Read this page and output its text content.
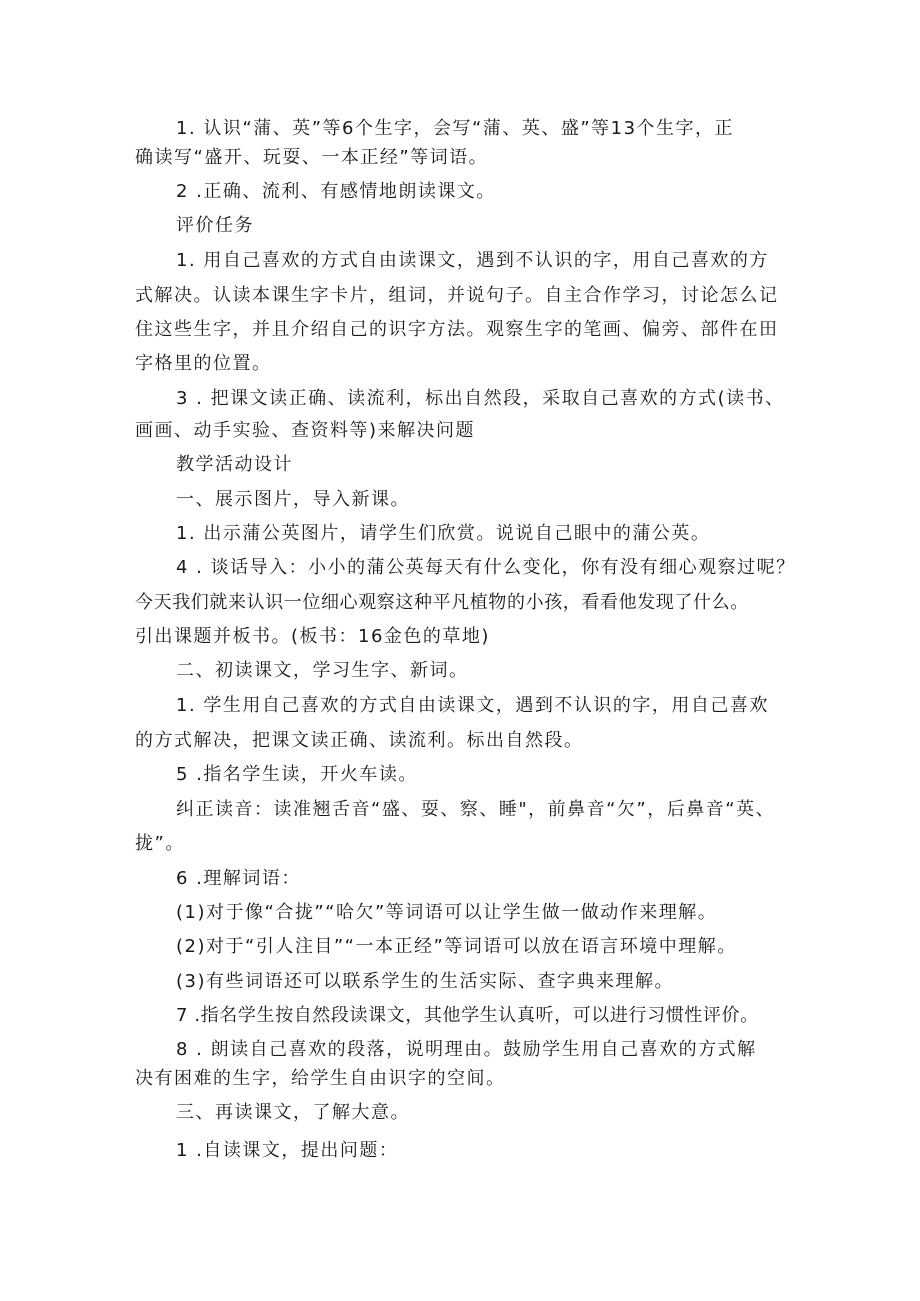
1. 认识“蒲、英”等6个生字，会写“蒲、英、盛”等13个生字，正
确读写“盛开、玩耍、一本正经”等词语。
2 .正确、流利、有感情地朗读课文。
评价任务
1. 用自己喜欢的方式自由读课文，遇到不认识的字，用自己喜欢的方
式解决。认读本课生字卡片，组词，并说句子。自主合作学习，讨论怎么记
住这些生字，并且介绍自己的识字方法。观察生字的笔画、偏旁、部件在田
字格里的位置。
3 . 把课文读正确、读流利，标出自然段，采取自己喜欢的方式(读书、
画画、动手实验、查资料等)来解决问题
教学活动设计
一、展示图片，导入新课。
1. 出示蒲公英图片，请学生们欣赏。说说自己眼中的蒲公英。
4 . 谈话导入：小小的蒲公英每天有什么变化，你有没有细心观察过呢？
今天我们就来认识一位细心观察这种平凡植物的小孩，看看他发现了什么。
引出课题并板书。(板书：16金色的草地)
二、初读课文，学习生字、新词。
1. 学生用自己喜欢的方式自由读课文，遇到不认识的字，用自己喜欢
的方式解决，把课文读正确、读流利。标出自然段。
5 .指名学生读，开火车读。
纠正读音：读准翘舌音“盛、耍、察、睡"，前鼻音“欠”，后鼻音“英、
拢”。
6 .理解词语：
(1)对于像“合拢”“哈欠”等词语可以让学生做一做动作来理解。
(2)对于“引人注目”“一本正经”等词语可以放在语言环境中理解。
(3)有些词语还可以联系学生的生活实际、查字典来理解。
7 .指名学生按自然段读课文，其他学生认真听，可以进行习惯性评价。
8 . 朗读自己喜欢的段落，说明理由。鼓励学生用自己喜欢的方式解
决有困难的生字，给学生自由识字的空间。
三、再读课文，了解大意。
1 .自读课文，提出问题：
